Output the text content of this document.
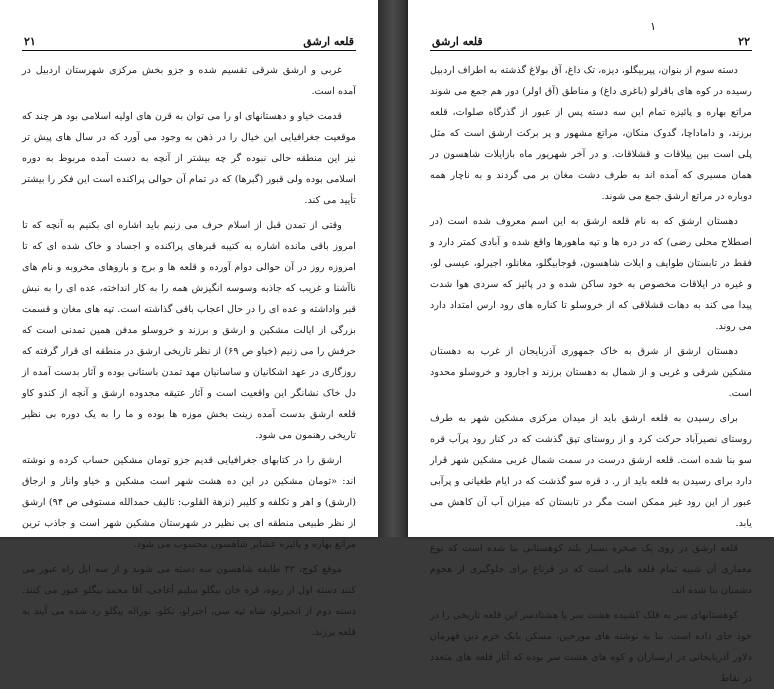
۲۱	قلعه ارشق

غربی و ارشق شرقی تقسیم شده و جزو بخش مرکزی شهرستان اردبیل در آمده است.

قدمت خیاو و دهستانهای او را می توان به قرن های اولیه اسلامی بود هر چند که موقعیت جغرافیایی این خیال را در ذهن به وجود می آورد که در سال های پیش تر نیز این منطقه حالی نبوده گر چه بیشتر از آنچه به دست آمده مربوط به دوره اسلامی بوده ولی قبور (گبرها) که در تمام آن حوالی پراکنده است این فکر را بیشتر تأیید می کند.

وقتی از تمدن قبل از اسلام حرف می زنیم باید اشاره ای بکنیم به آنچه که تا امروز باقی مانده اشاره به کتیبه قبرهای پراکنده و اجساد و خاک شده ای که تا امروزه روز در آن حوالی دوام آورده و قلعه ها و برج و باروهای مخروبه و نام های ناآشنا و غریب که جاذبه وسوسه انگیزش همه را به کار انداخته، عده ای را به نبش قبر واداشته و عده ای را در حال اعجاب باقی گذاشته است. تپه های مغان و قسمت بزرگی از ایالت مشکین و ارشق و برزند و خروسلو مدفن همین تمدنی است که حرفش را می زنیم (خیاو ص ۶۹) از نظر تاریخی ارشق در منطقه ای قرار گرفته که روزگاری در عهد اشکانیان و ساسانیان مهد تمدن باستانی بوده و آثار بدست آمده از دل خاک نشانگر این واقعیت است و آثار عتیقه مجدوده ارشق و آنچه از کندو کاو قلعه ارشق بدست آمده زینت بخش موزه ها بوده و ما را به یک دوره بی نظیر تاریخی رهنمون می شود.

ارشق را در کتابهای جغرافیایی قدیم جزو تومان مشکین حساب کرده و نوشته اند: «تومان مشکین در این ده هشت شهر است مشکین و خیاو وانار و ارجاق (ارشق) و اهر و تکلفه و کلیبر (نزهة القلوب: تالیف حمدالله مستوفی ص ۹۴) ارشق از نظر طبیعی منطقه ای بی نظیر در شهرستان مشکین شهر است و جاذب ترین مراتع بهاره و پائیزه عشایر شاهسون محسوب می شود.

موقع کوچ، ۳۲ طایفه شاهسون سه دسته می شوند و از سه ایل راه عبور می کنند دسته اول از ریوه، قره خان بیگلو سلیم آغاجی، آقا محمد بیگلو عبور می کنند. دسته دوم از انجیرلو، شاه تپه سی، اجیرلو، تکلو، نوراله بیگلو رد شده می آیند به قلعه برزند.

۱
۲۲
قلعه ارشق

دسته سوم از بنوان، پیربیگلو، دیزه، تک داغ، آق بولاغ گذشته به اطراف اردبیل رسیده در کوه های باقرلو (باغری داغ) و مناطق (آق اولر) دور هم جمع می شوند مراتع بهاره و پائیزه تمام این سه دسته پس از عبور از گذرگاه صلوات، قلعه برزند، و داماداچا، گدوک منکان، مراتع مشهور و پر برکت ارشق است که مثل پلی است بین ییلاقات و قشلاقات. و در آخر شهریور ماه بازایلات شاهسون در همان مسیری که آمده اند به طرف دشت مغان بر می گردند و به ناچار همه دوباره در مراتع ارشق جمع می شوند.

دهستان ارشق که به نام قلعه ارشق به این اسم معروف شده است (در اصطلاح محلی رضی) که در دره ها و تپه ماهورها واقع شده و آبادی کمتر دارد و فقط در تابستان طوایف و ایلات شاهسون، قوجابیگلو، مغانلو، اجیرلو، عیسی لو، و غیره در ایلاقات مخصوص به خود ساکن شده و در پائیز که سردی هوا شدت پیدا می کند به دهات قشلاقی که از خروسلو تا کناره های رود ارس امتداد دارد می روند.

دهستان ارشق از شرق به خاک جمهوری آذربایجان از غرب به دهستان مشکین شرقی و غربی و از شمال به دهستان برزند و اجارود و خروسلو محدود است.

برای رسیدن به قلعه ارشق باید از میدان مرکزی مشکین شهر به طرف روستای نصیرآباد حرکت کرد و از روستای تپق گذشت که در کنار رود پرآب قره سو بنا شده است. قلعه ارشق درست در سمت شمال غربی مشکین شهر قرار دارد برای رسیدن به قلعه باید از ر. د قره سو گذشت که در ایام طغیانی و پرآبی عبور از این رود غیر ممکن است مگر در تابستان که میزان آب آن کاهش می یابد.

قلعه ارشق در روی یک صخره بسیار بلند کوهستانی بنا شده است که نوع معماری آن شبیه تمام قلعه هایی است که در قرناغ برای جلوگیری از هجوم دشمنان بنا شده اند.

کوهستانهای سر به فلک کشیده هشت سر یا هشتادسر این قلعه تاریخی را در خود جای داده است. بنا به نوشته های مورخین، مسکن بابک خرم دین قهرمان دلاور آذربایجانی در ارسباران و کوه های هشت سر بوده که آثار قلعه های متعدد در نقاط
